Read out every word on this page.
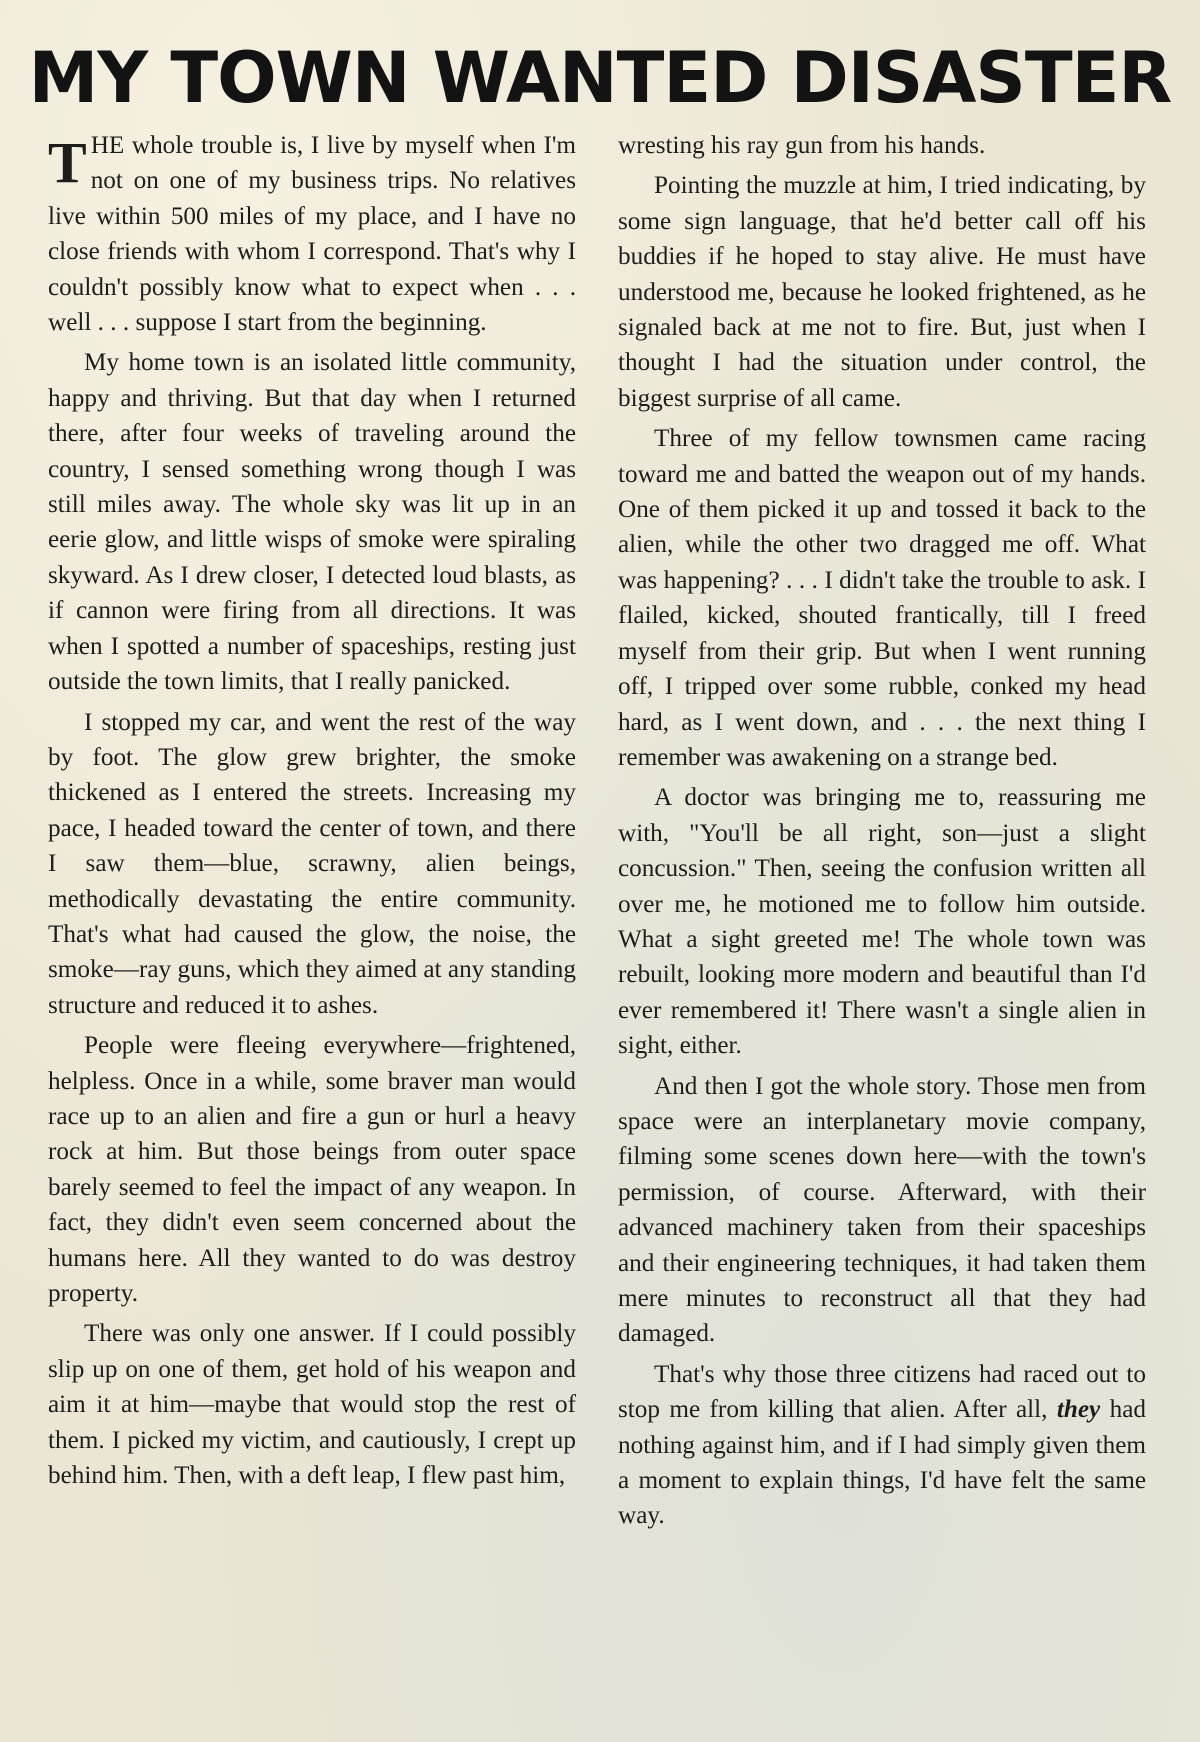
MY TOWN WANTED DISASTER

THE whole trouble is, I live by myself when I'm not on one of my business trips. No relatives live within 500 miles of my place, and I have no close friends with whom I correspond. That's why I couldn't possibly know what to expect when . . . well . . . suppose I start from the beginning.

My home town is an isolated little community, happy and thriving. But that day when I returned there, after four weeks of traveling around the country, I sensed something wrong though I was still miles away. The whole sky was lit up in an eerie glow, and little wisps of smoke were spiraling skyward. As I drew closer, I detected loud blasts, as if cannon were firing from all directions. It was when I spotted a number of spaceships, resting just outside the town limits, that I really panicked.

I stopped my car, and went the rest of the way by foot. The glow grew brighter, the smoke thickened as I entered the streets. Increasing my pace, I headed toward the center of town, and there I saw them—blue, scrawny, alien beings, methodically devastating the entire community. That's what had caused the glow, the noise, the smoke—ray guns, which they aimed at any standing structure and reduced it to ashes.

People were fleeing everywhere—frightened, helpless. Once in a while, some braver man would race up to an alien and fire a gun or hurl a heavy rock at him. But those beings from outer space barely seemed to feel the impact of any weapon. In fact, they didn't even seem concerned about the humans here. All they wanted to do was destroy property.

There was only one answer. If I could possibly slip up on one of them, get hold of his weapon and aim it at him—maybe that would stop the rest of them. I picked my victim, and cautiously, I crept up behind him. Then, with a deft leap, I flew past him,

wresting his ray gun from his hands.

Pointing the muzzle at him, I tried indicating, by some sign language, that he'd better call off his buddies if he hoped to stay alive. He must have understood me, because he looked frightened, as he signaled back at me not to fire. But, just when I thought I had the situation under control, the biggest surprise of all came.

Three of my fellow townsmen came racing toward me and batted the weapon out of my hands. One of them picked it up and tossed it back to the alien, while the other two dragged me off. What was happening? . . . I didn't take the trouble to ask. I flailed, kicked, shouted frantically, till I freed myself from their grip. But when I went running off, I tripped over some rubble, conked my head hard, as I went down, and . . . the next thing I remember was awakening on a strange bed.

A doctor was bringing me to, reassuring me with, "You'll be all right, son—just a slight concussion." Then, seeing the confusion written all over me, he motioned me to follow him outside. What a sight greeted me! The whole town was rebuilt, looking more modern and beautiful than I'd ever remembered it! There wasn't a single alien in sight, either.

And then I got the whole story. Those men from space were an interplanetary movie company, filming some scenes down here—with the town's permission, of course. Afterward, with their advanced machinery taken from their spaceships and their engineering techniques, it had taken them mere minutes to reconstruct all that they had damaged.

That's why those three citizens had raced out to stop me from killing that alien. After all, they had nothing against him, and if I had simply given them a moment to explain things, I'd have felt the same way.
